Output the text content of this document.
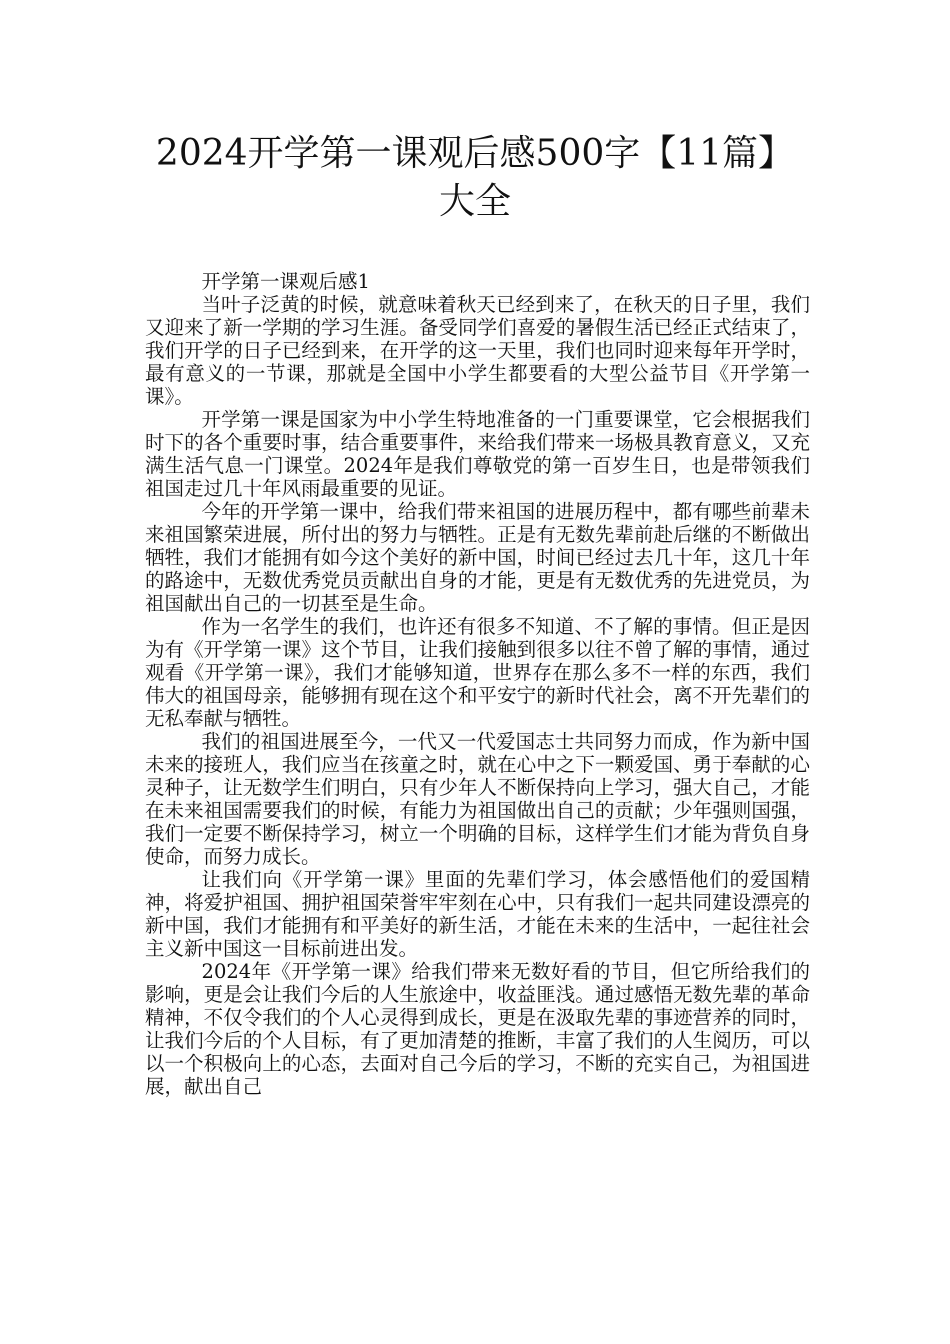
2024开学第一课观后感500字【11篇】大全

开学第一课观后感1

当叶子泛黄的时候，就意味着秋天已经到来了，在秋天的日子里，我们又迎来了新一学期的学习生涯。备受同学们喜爱的暑假生活已经正式结束了，我们开学的日子已经到来，在开学的这一天里，我们也同时迎来每年开学时，最有意义的一节课，那就是全国中小学生都要看的大型公益节目《开学第一课》。

开学第一课是国家为中小学生特地准备的一门重要课堂，它会根据我们时下的各个重要时事，结合重要事件，来给我们带来一场极具教育意义，又充满生活气息一门课堂。2024年是我们尊敬党的第一百岁生日，也是带领我们祖国走过几十年风雨最重要的见证。

今年的开学第一课中，给我们带来祖国的进展历程中，都有哪些前辈未来祖国繁荣进展，所付出的努力与牺牲。正是有无数先辈前赴后继的不断做出牺牲，我们才能拥有如今这个美好的新中国，时间已经过去几十年，这几十年的路途中，无数优秀党员贡献出自身的才能，更是有无数优秀的先进党员，为祖国献出自己的一切甚至是生命。

作为一名学生的我们，也许还有很多不知道、不了解的事情。但正是因为有《开学第一课》这个节目，让我们接触到很多以往不曾了解的事情，通过观看《开学第一课》，我们才能够知道，世界存在那么多不一样的东西，我们伟大的祖国母亲，能够拥有现在这个和平安宁的新时代社会，离不开先辈们的无私奉献与牺牲。

我们的祖国进展至今，一代又一代爱国志士共同努力而成，作为新中国未来的接班人，我们应当在孩童之时，就在心中之下一颗爱国、勇于奉献的心灵种子，让无数学生们明白，只有少年人不断保持向上学习，强大自己，才能在未来祖国需要我们的时候，有能力为祖国做出自己的贡献；少年强则国强，我们一定要不断保持学习，树立一个明确的目标，这样学生们才能为背负自身使命，而努力成长。

让我们向《开学第一课》里面的先辈们学习，体会感悟他们的爱国精神，将爱护祖国、拥护祖国荣誉牢牢刻在心中，只有我们一起共同建设漂亮的新中国，我们才能拥有和平美好的新生活，才能在未来的生活中，一起往社会主义新中国这一目标前进出发。

2024年《开学第一课》给我们带来无数好看的节目，但它所给我们的影响，更是会让我们今后的人生旅途中，收益匪浅。通过感悟无数先辈的革命精神，不仅令我们的个人心灵得到成长，更是在汲取先辈的事迹营养的同时，让我们今后的个人目标，有了更加清楚的推断，丰富了我们的人生阅历，可以以一个积极向上的心态，去面对自己今后的学习，不断的充实自己，为祖国进展，献出自己
